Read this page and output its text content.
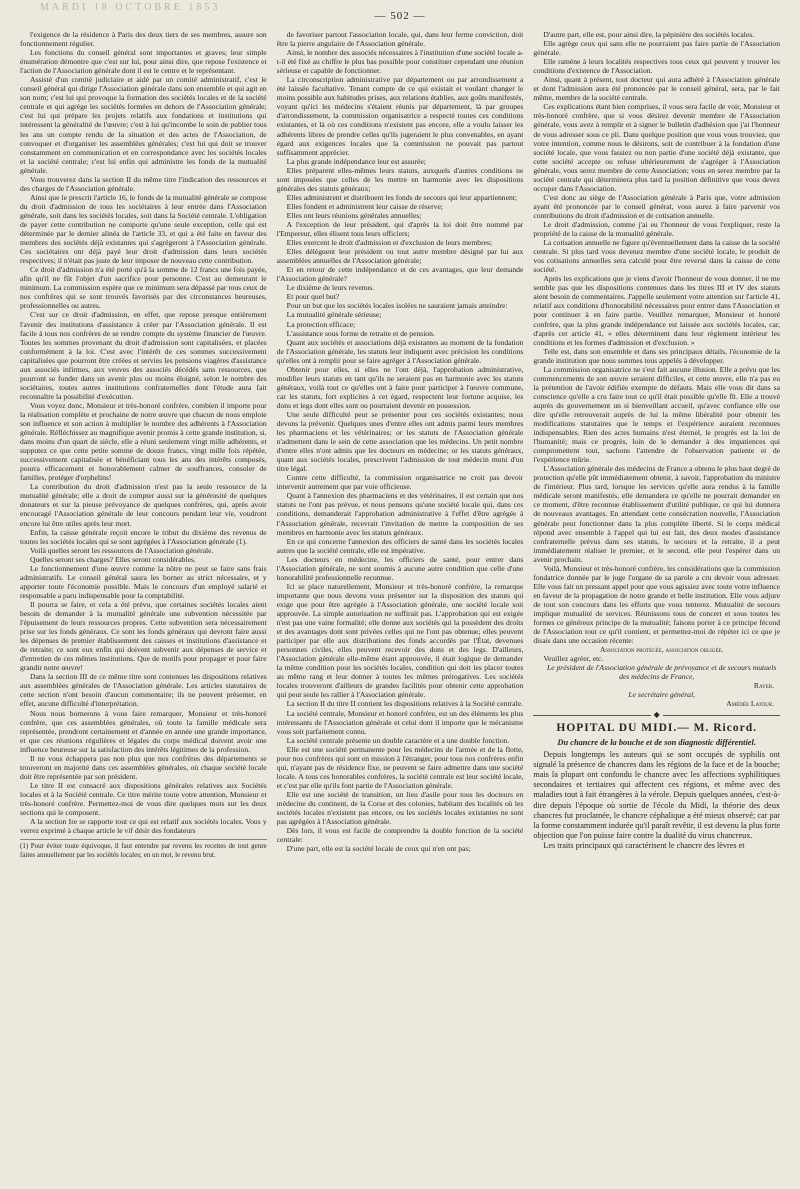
MARDI 18 OCTOBRE 1853
— 502 —

l'exigence de la résidence à Paris des deux tiers de ses membres, assure son fonctionnement régulier.

Les fonctions du conseil général sont importantes et graves; leur simple énumération démontre que c'est sur lui, pour ainsi dire, que repose l'existence et l'action de l'Association générale dont il est le centre et le représentant.

Assisté d'un comité judiciaire et aidé par un comité administratif, c'est le conseil général qui dirige l'Association générale dans son ensemble et qui agit en son nom; c'est lui qui provoque la formation des sociétés locales et de la société centrale et qui agrège les sociétés formées en dehors de l'Association générale; c'est lui qui prépare les projets relatifs aux fondations et institutions qui intéressent la généralité de l'œuvre; c'est à lui qu'incombe le soin de publier tous les ans un compte rendu de la situation et des actes de l'Association, de convoquer et d'organiser les assemblées générales; c'est lui qui doit se trouver constamment en communication et en correspondance avec les sociétés locales et la société centrale; c'est lui enfin qui administre les fonds de la mutualité générale.

Vous trouverez dans la section II du même titre l'indication des ressources et des charges de l'Association générale.

Ainsi que le prescrit l'article 16, le fonds de la mutualité générale se compose du droit d'admission de tous les sociétaires à leur entrée dans l'Association générale, soit dans les sociétés locales, soit dans la Société centrale. L'obligation de payer cette contribution ne comporte qu'une seule exception, celle qui est déterminée par le dernier alinéa de l'article 33, et qui a été faite en faveur des membres des sociétés déjà existantes qui s'agrégeront à l'Association générale. Ces sociétaires ont déjà payé leur droit d'admission dans leurs sociétés respectives; il n'était pas juste de leur imposer de nouveau cette contribution.

Ce droit d'admission n'a été porté qu'à la somme de 12 francs une fois payée, afin qu'il ne fût l'objet d'un sacrifice pour personne. C'est au demeurant le minimum. La commission espère que ce minimum sera dépassé par tous ceux de nos confrères qui se sont trouvés favorisés par des circonstances heureuses, professionnelles ou autres.

C'est sur ce droit d'admission, en effet, que repose presque entièrement l'avenir des institutions d'assistance à créer par l'Association générale. Il est facile à tous nos confrères de se rendre compte du système financier de l'œuvre. Toutes les sommes provenant du droit d'admission sont capitalisées, et placées conformément à la loi. C'est avec l'intérêt de ces sommes successivement capitalisées que pourront être créées et servies les pensions viagères d'assistance aux associés infirmes, aux veuves des associés décédés sans ressources, que pourront se fonder dans un avenir plus ou moins éloigné, selon le nombre des sociétaires, toutes autres institutions confraternelles dont l'étude aura fait reconnaître la possibilité d'exécution.

Vous voyez donc, Monsieur et très-honoré confrère, combien il importe pour la réalisation complète et prochaine de notre œuvre que chacun de nous emploie son influence et son action à multiplier le nombre des adhérents à l'Association générale. Réfléchissez au magnifique avenir promis à cette grande institution, si, dans moins d'un quart de siècle, elle a réuni seulement vingt mille adhérents, et supputez ce que cette petite somme de douze francs, vingt mille fois répétée, successivement capitalisée et bénéficiant tous les ans des intérêts composés, pourra efficacement et honorablement calmer de souffrances, consoler de familles, protéger d'orphelins!

La contribution du droit d'admission n'est pas la seule ressource de la mutualité générale; elle a droit de compter aussi sur la générosité de quelques donateurs et sur la pieuse prévoyance de quelques confrères, qui, après avoir encouragé l'Association générale de leur concours pendant leur vie, voudront encore lui être utiles après leur mort.

Enfin, la caisse générale reçoit encore le tribut du dixième des revenus de toutes les sociétés locales qui se sont agrégées à l'Association générale (1).

Voilà quelles seront les ressources de l'Association générale.

Quelles seront ses charges? Elles seront considérables.

Le fonctionnement d'une œuvre comme la nôtre ne peut se faire sans frais administratifs. Le conseil général saura les borner au strict nécessaire, et y apporter toute l'économie possible. Mais le concours d'un employé salarié et responsable a paru indispensable pour la comptabilité.

Il pourra se faire, et cela a été prévu, que certaines sociétés locales aient besoin de demander à la mutualité générale une subvention nécessitée par l'épuisement de leurs ressources propres. Cette subvention sera nécessairement prise sur les fonds généraux. Ce sont les fonds généraux qui devront faire aussi les dépenses de premier établissement des caisses et institutions d'assistance et de retraite; ce sont eux enfin qui doivent subvenir aux dépenses de service et d'entretien de ces mêmes institutions. Que de motifs pour propager et pour faire grandir notre œuvre!

Dans la section III de ce même titre sont contenues les dispositions relatives aux assemblées générales de l'Association générale. Les articles statutaires de cette section n'ont besoin d'aucun commentaire; ils ne peuvent présenter, en effet, aucune difficulté d'interprétation.

Nous nous bornerons à vous faire remarquer, Monsieur et très-honoré confrère, que ces assemblées générales, où toute la famille médicale sera représentée, prendront certainement et d'année en année une grande importance, et que ces réunions régulières et légales du corps médical doivent avoir une influence heureuse sur la satisfaction des intérêts légitimes de la profession.

Il ne vous échappera pas non plus que nos confrères des départements se trouveront en majorité dans ces assemblées générales, où chaque société locale doit être représentée par son président.

Le titre II est consacré aux dispositions générales relatives aux Sociétés locales et à la Société centrale. Ce titre mérite toute votre attention, Monsieur et très-honoré confrère. Permettez-moi de vous dire quelques mots sur les deux sections qui le composent.

A la section Ire se rapporte tout ce qui est relatif aux sociétés locales. Vous y verrez exprimé à chaque article le vif désir des fondateurs

(1) Pour éviter toute équivoque, il faut entendre par revenu les recettes de tout genre faites annuellement par les sociétés locales; en un mot, le revenu brut.

de favoriser partout l'association locale, qui, dans leur ferme conviction, doit être la pierre angulaire de l'Association générale.

Ainsi, le nombre des associés nécessaires à l'institution d'une société locale a-t-il été fixé au chiffre le plus bas possible pour constituer cependant une réunion sérieuse et capable de fonctionner.

La circonscription administrative par département ou par arrondissement a été laissée facultative. Tenant compte de ce qui existait et voulant changer le moins possible aux habitudes prises, aux relations établies, aux goûts manifestés, voyant qu'ici les médecins s'étaient réunis par département, là par groupes d'arrondissement, la commission organisatrice a respecté toutes ces conditions existantes, et là où ces conditions n'existent pas encore, elle a voulu laisser les adhérents libres de prendre celles qu'ils jugeraient le plus convenables, en ayant égard aux exigences locales que la commission ne pouvait pas partout suffisamment apprécier.

La plus grande indépendance leur est assurée;

Elles préparent elles-mêmes leurs statuts, auxquels d'autres conditions ne sont imposées que celles de les mettre en harmonie avec les dispositions générales des statuts généraux;

Elles administrent et distribuent les fonds de secours qui leur appartiennent;

Elles fondent et administrent leur caisse de réserve;

Elles ont leurs réunions générales annuelles;

A l'exception de leur président, qui d'après la loi doit être nommé par l'Empereur, elles élisent tous leurs officiers;

Elles exercent le droit d'admission et d'exclusion de leurs membres;

Elles délèguent leur président ou tout autre membre désigné par lui aux assemblées annuelles de l'Association générale;

Et en retour de cette indépendance et de ces avantages, que leur demande l'Association générale?

Le dixième de leurs revenus.

Et pour quel but?

Pour un but que les sociétés locales isolées ne sauraient jamais atteindre:

La mutualité générale sérieuse;

La protection efficace;

L'assistance sous forme de retraite et de pension.

Quant aux sociétés et associations déjà existantes au moment de la fondation de l'Association générale, les statuts leur indiquent avec précision les conditions qu'elles ont à remplir pour se faire agréger à l'Association générale.

Obtenir pour elles, si elles ne l'ont déjà, l'approbation administrative, modifier leurs statuts en tant qu'ils ne seraient pas en harmonie avec les statuts généraux, voilà tout ce qu'elles ont à faire pour participer à l'œuvre commune, car les statuts, fort explicites à cet égard, respectent leur fortune acquise, les dons et legs dont elles sont ou pourraient devenir en possession.

Une seule difficulté peut se présenter pour ces sociétés existantes; nous devons la prévenir. Quelques unes d'entre elles ont admis parmi leurs membres les pharmaciens et les vétérinaires; or les statuts de l'Association générale n'admettent dans le sein de cette association que les médecins. Un petit nombre d'entre elles n'ont admis que les docteurs en médecine; or les statuts généraux, quant aux sociétés locales, prescrivent l'admission de tout médecin muni d'un titre légal.

Contre cette difficulté, la commission organisatrice ne croit pas devoir intervenir autrement que par voie officieuse.

Quant à l'annexion des pharmaciens et des vétérinaires, il est certain que nos statuts ne l'ont pas prévue, et nous pensons qu'une société locale qui, dans ces conditions, demanderait l'approbation administrative à l'effet d'être agrégée à l'Association générale, recevrait l'invitation de mettre la composition de ses membres en harmonie avec les statuts généraux.

En ce qui concerne l'annexion des officiers de santé dans les sociétés locales autres que la société centrale, elle est impérative.

Les docteurs en médecine, les officiers de santé, pour entrer dans l'Association générale, ne sont soumis à aucune autre condition que celle d'une honorabilité professionnelle reconnue.

Ici se place naturellement, Monsieur et très-honoré confrère, la remarque importante que nous devons vous présenter sur la disposition des statuts qui exige que pour être agrégée à l'Association générale, une société locale soit approuvée. La simple autorisation ne suffirait pas. L'approbation qui est exigée n'est pas une vaine formalité; elle donne aux sociétés qui la possèdent des droits et des avantages dont sont privées celles qui ne l'ont pas obtenue; elles peuvent participer par elle aux distributions des fonds accordés par l'État, devenues personnes civiles, elles peuvent recevoir des dons et des legs. D'ailleurs, l'Association générale elle-même étant approuvée, il était logique de demander la même condition pour les sociétés locales, condition qui doit les placer toutes au même rang et leur donner à toutes les mêmes prérogatives. Les sociétés locales trouveront d'ailleurs de grandes facilités pour obtenir cette approbation qui peut seule les rallier à l'Association générale.

La section II du titre II contient les dispositions relatives à la Société centrale.

La société centrale, Monsieur et honoré confrère, est un des éléments les plus intéressants de l'Association générale et celui dont il importe que le mécanisme vous soit parfaitement connu.

La société centrale présente un double caractère et a une double fonction.

Elle est une société permanente pour les médecins de l'armée et de la flotte, pour nos confrères qui sont en mission à l'étranger, pour tous nos confrères enfin qui, n'ayant pas de résidence fixe, ne peuvent se faire admettre dans une société locale. A tous ces honorables confrères, la société centrale est leur société locale, et c'est par elle qu'ils font partie de l'Association générale.

Elle est une société de transition, un lieu d'asile pour tous les docteurs en médecine du continent, de la Corse et des colonies, habitant des localités où les sociétés locales n'existent pas encore, ou les sociétés locales existantes ne sont pas agrégées à l'Association générale.

Dès lors, il vous est facile de comprendre la double fonction de la société centrale:

D'une part, elle est la société locale de ceux qui n'en ont pas;

D'autre part, elle est, pour ainsi dire, la pépinière des sociétés locales.

Elle agrège ceux qui sans elle ne pourraient pas faire partie de l'Association générale.

Elle ramène à leurs localités respectives tous ceux qui peuvent y trouver les conditions d'existence de l'Association.

Ainsi, quant à présent, tout docteur qui aura adhéré à l'Association générale et dont l'admission aura été prononcée par le conseil général, sera, par le fait même, membre de la société centrale.

Ces explications étant bien comprises, il vous sera facile de voir, Monsieur et très-honoré confrère, que si vous désirez devenir membre de l'Association générale, vous avez à remplir et à signer le bulletin d'adhésion que j'ai l'honneur de vous adresser sous ce pli. Dans quelque position que vous vous trouviez, que votre intention, comme nous le désirons, soit de contribuer à la fondation d'une société locale, que vous fassiez ou non partie d'une société déjà existante, que cette société accepte ou refuse ultérieurement de s'agréger à l'Association générale, vous serez membre de cette Association; vous en serez membre par la société centrale qui déterminera plus tard la position définitive que vous devez occuper dans l'Association.

C'est donc au siège de l'Association générale à Paris que, votre admission ayant été prononcée par le conseil général, vous aurez à faire parvenir vos contributions du droit d'admission et de cotisation annuelle.

Le droit d'admission, comme j'ai eu l'honneur de vous l'expliquer, reste la propriété de la caisse de la mutualité générale.

La cotisation annuelle ne figure qu'éventuellement dans la caisse de la société centrale. Si plus tard vous devenez membre d'une société locale, le produit de vos cotisations annuelles sera calculé pour être reversé dans la caisse de cette société.

Après les explications que je viens d'avoir l'honneur de vous donner, il ne me semble pas que les dispositions contenues dans les titres III et IV des statuts aient besoin de commentaires. J'appelle seulement votre attention sur l'article 41, relatif aux conditions d'honorabilité nécessaires pour entrer dans l'Association et pour continuer à en faire partie. Veuillez remarquer, Monsieur et honoré confrère, que la plus grande indépendance est laissée aux sociétés locales, car, d'après cet article 41, « elles déterminent dans leur règlement intérieur les conditions et les formes d'admission et d'exclusion. »

Telle est, dans son ensemble et dans ses principaux détails, l'économie de la grande institution que nous sommes tous appelés à développer.

La commission organisatrice ne s'est fait aucune illusion. Elle a prévu que les commencements de son œuvre seraient difficiles, et cette œuvre, elle n'a pas eu la prétention de l'avoir édifiée exempte de défauts. Mais elle vous dit dans sa conscience qu'elle a cru faire tout ce qu'il était possible qu'elle fît. Elle a trouvé auprès du gouvernement un si bienveillant accueil, qu'avec confiance elle ose dire qu'elle retrouverait auprès de lui la même libéralité pour obtenir les modifications statutaires que le temps et l'expérience auraient reconnues indispensables. Rien des actes humains n'est éternel, le progrès est la loi de l'humanité; mais ce progrès, loin de le demander à des impatiences qui compromettent tout, sachons l'attendre de l'observation patiente et de l'expérience mûrie.

L'Association générale des médecins de France a obtenu le plus haut degré de protection qu'elle pût immédiatement obtenir, à savoir, l'approbation du ministre de l'intérieur. Plus tard, lorsque les services qu'elle aura rendus à la famille médicale seront manifestés, elle demandera ce qu'elle ne pourrait demander en ce moment, d'être reconnue établissement d'utilité publique, ce qui lui donnera de nouveaux avantages. En attendant cette consécration nouvelle, l'Association générale peut fonctionner dans la plus complète liberté. Si le corps médical répond avec ensemble à l'appel qui lui est fait, des deux modes d'assistance confraternelle prévus dans ses statuts, le secours et la retraite, il a peut immédiatement réaliser le premier, et le second, elle peut l'espérer dans un avenir prochain.

Voilà, Monsieur et très-honoré confrère, les considérations que la commission fondatrice donnée par le juge l'organe de sa parole a cru devoir vous adresser. Elle vous fait un pressant appel pour que vous agissiez avec toute votre influence en faveur de la propagation de notre grande et belle institution. Elle vous adjure de tout son concours dans les efforts que vous tenterez. Mutualité de secours implique mutualité de services. Réunissons tous de concert et sous toutes les formes ce généreux principe de la mutualité; faisons porter à ce principe fécond de l'Association tout ce qu'il contient, et permettez-moi de répéter ici ce que je disais dans une occasion récente:

Association protégée, association obligée.

Veuillez agréer, etc.

Le président de l'Association générale de prévoyance et de secours mutuels des médecins de France,

Rayer.

Le secrétaire général,

Amédée Latour.

◆
HOPITAL DU MIDI.— M. Ricord.
Du chancre de la bouche et de son diagnostic différentiel.

Depuis longtemps les auteurs qui se sont occupés de syphilis ont signalé la présence de chancres dans les régions de la face et de la bouche; mais la plupart ont confondu le chancre avec les affections syphilitiques secondaires et tertiaires qui affectent ces régions, et même avec des maladies tout à fait étrangères à la vérole. Depuis quelques années, c'est-à-dire depuis l'époque où sortie de l'école du Midi, la théorie des deux chancres fut proclamée, le chancre céphalique a été mieux observé; car par la forme constamment indurée qu'il paraît revêtir, il est devenu la plus forte objection que l'on puisse faire contre la dualité du virus chancreux.

Les traits principaux qui caractérisent le chancre des lèvres et
